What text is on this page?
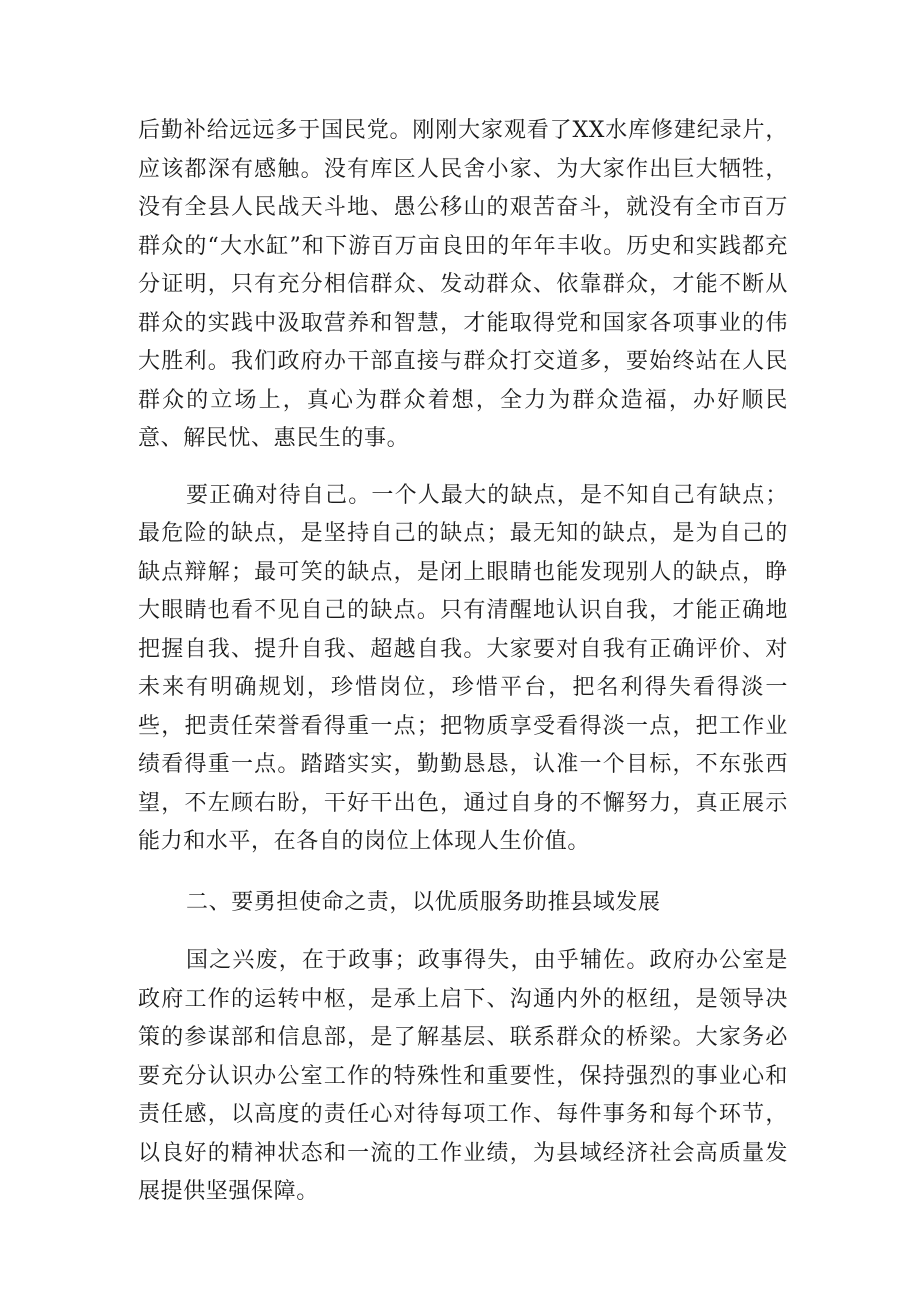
后勤补给远远多于国民党。刚刚大家观看了XX水库修建纪录片，应该都深有感触。没有库区人民舍小家、为大家作出巨大牺牲，没有全县人民战天斗地、愚公移山的艰苦奋斗，就没有全市百万群众的“大水缸”和下游百万亩良田的年年丰收。历史和实践都充分证明，只有充分相信群众、发动群众、依靠群众，才能不断从群众的实践中汲取营养和智慧，才能取得党和国家各项事业的伟大胜利。我们政府办干部直接与群众打交道多，要始终站在人民群众的立场上，真心为群众着想，全力为群众造福，办好顺民意、解民忧、惠民生的事。

要正确对待自己。一个人最大的缺点，是不知自己有缺点；最危险的缺点，是坚持自己的缺点；最无知的缺点，是为自己的缺点辩解；最可笑的缺点，是闭上眼睛也能发现别人的缺点，睁大眼睛也看不见自己的缺点。只有清醒地认识自我，才能正确地把握自我、提升自我、超越自我。大家要对自我有正确评价、对未来有明确规划，珍惜岗位，珍惜平台，把名利得失看得淡一些，把责任荣誉看得重一点；把物质享受看得淡一点，把工作业绩看得重一点。踏踏实实，勤勤恳恳，认准一个目标，不东张西望，不左顾右盼，干好干出色，通过自身的不懈努力，真正展示能力和水平，在各自的岗位上体现人生价值。

二、要勇担使命之责，以优质服务助推县域发展

国之兴废，在于政事；政事得失，由乎辅佐。政府办公室是政府工作的运转中枢，是承上启下、沟通内外的枢纽，是领导决策的参谋部和信息部，是了解基层、联系群众的桥梁。大家务必要充分认识办公室工作的特殊性和重要性，保持强烈的事业心和责任感，以高度的责任心对待每项工作、每件事务和每个环节，以良好的精神状态和一流的工作业绩，为县域经济社会高质量发展提供坚强保障。
